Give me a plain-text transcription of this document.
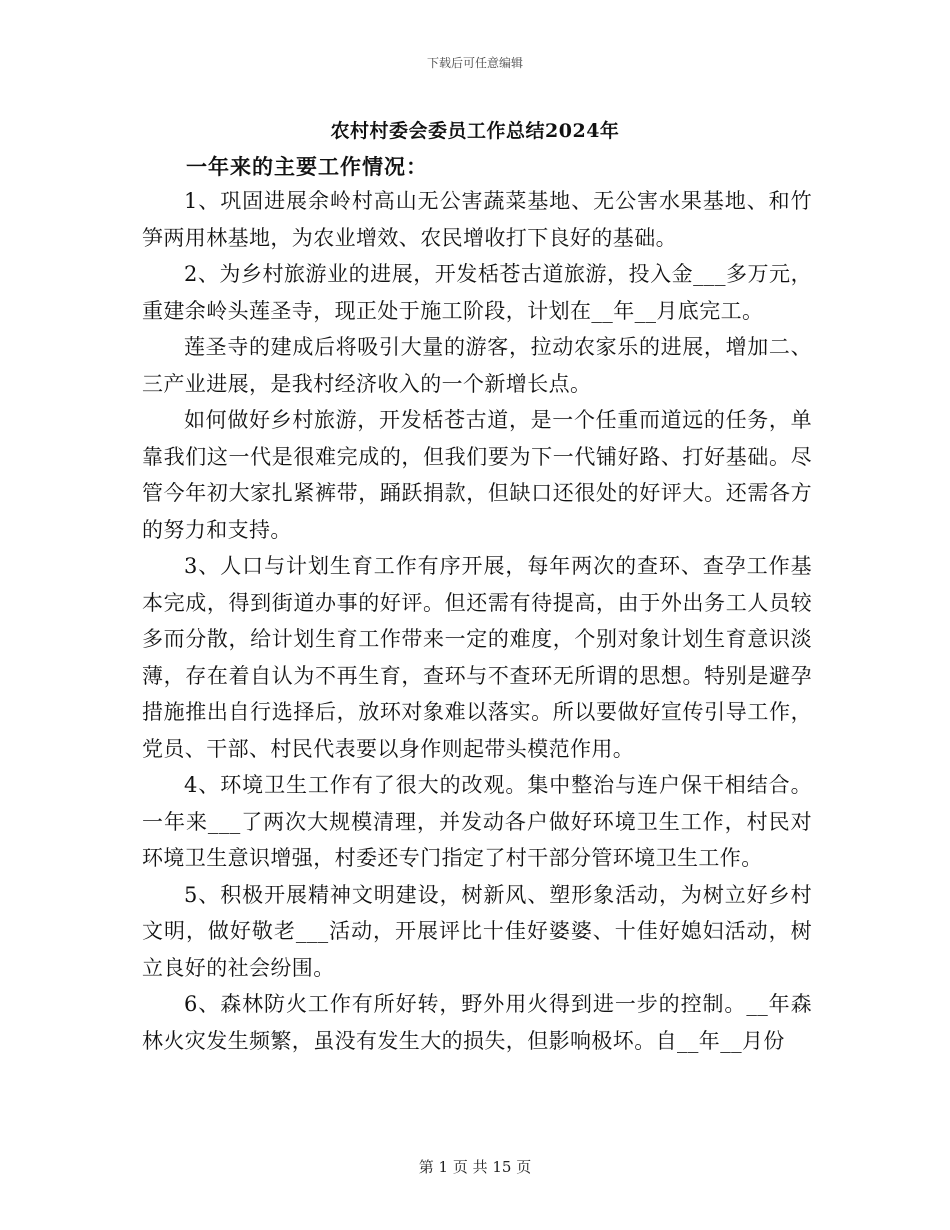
下载后可任意编辑
农村村委会委员工作总结2024年
一年来的主要工作情况：

1、巩固进展余岭村高山无公害蔬菜基地、无公害水果基地、和竹笋两用林基地，为农业增效、农民增收打下良好的基础。

2、为乡村旅游业的进展，开发栝苍古道旅游，投入金___多万元，重建余岭头莲圣寺，现正处于施工阶段，计划在__年__月底完工。

莲圣寺的建成后将吸引大量的游客，拉动农家乐的进展，增加二、三产业进展，是我村经济收入的一个新增长点。

如何做好乡村旅游，开发栝苍古道，是一个任重而道远的任务，单靠我们这一代是很难完成的，但我们要为下一代铺好路、打好基础。尽管今年初大家扎紧裤带，踊跃捐款，但缺口还很处的好评大。还需各方的努力和支持。

3、人口与计划生育工作有序开展，每年两次的查环、查孕工作基本完成，得到街道办事的好评。但还需有待提高，由于外出务工人员较多而分散，给计划生育工作带来一定的难度，个别对象计划生育意识淡薄，存在着自认为不再生育，查环与不查环无所谓的思想。特别是避孕措施推出自行选择后，放环对象难以落实。所以要做好宣传引导工作，党员、干部、村民代表要以身作则起带头模范作用。

4、环境卫生工作有了很大的改观。集中整治与连户保干相结合。一年来___了两次大规模清理，并发动各户做好环境卫生工作，村民对环境卫生意识增强，村委还专门指定了村干部分管环境卫生工作。

5、积极开展精神文明建设，树新风、塑形象活动，为树立好乡村文明，做好敬老___活动，开展评比十佳好婆婆、十佳好媳妇活动，树立良好的社会纷围。

6、森林防火工作有所好转，野外用火得到进一步的控制。__年森林火灾发生频繁，虽没有发生大的损失，但影响极坏。自__年__月份

第 1 页 共 15 页
